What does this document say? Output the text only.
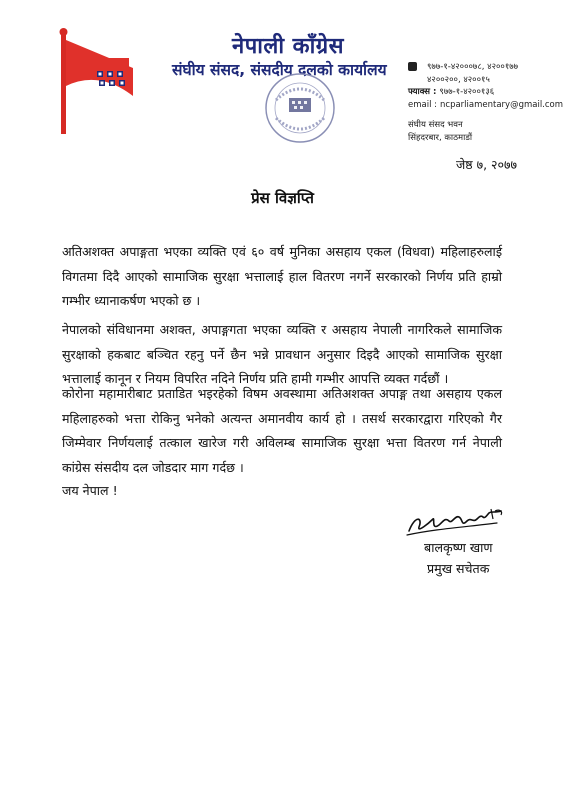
नेपाली काँग्रेस
संघीय संसद, संसदीय दलको कार्यालय	९७७-१-४२०००७८, ४२००१७७
४२००२००, ४२००१५
फ्याक्स : ९७७-१-४२००१३६
email : ncparliamentary@gmail.com
संघीय संसद भवन
सिंहदरबार, काठमाडौं
जेष्ठ ७, २०७७
प्रेस विज्ञप्ति
अतिअशक्त अपाङ्गता भएका व्यक्ति एवं ६० वर्ष मुनिका असहाय एकल (विधवा) महिलाहरुलाई विगतमा दिदै आएको सामाजिक सुरक्षा भत्तालाई हाल वितरण नगर्ने सरकारको निर्णय प्रति हाम्रो गम्भीर ध्यानाकर्षण भएको छ ।
नेपालको संविधानमा अशक्त, अपाङ्गगता भएका व्यक्ति र असहाय नेपाली नागरिकले सामाजिक सुरक्षाको हकबाट बञ्चित रहनु पर्ने छैन भन्ने प्रावधान अनुसार दिइदै आएको सामाजिक सुरक्षा भत्तालाई कानून र नियम विपरित नदिने निर्णय प्रति हामी गम्भीर आपत्ति व्यक्त गर्दछौं ।
कोरोना महामारीबाट प्रताडित भइरहेको विषम अवस्थामा अतिअशक्त अपाङ्ग तथा असहाय एकल महिलाहरुको भत्ता रोकिनु भनेको अत्यन्त अमानवीय कार्य हो । तसर्थ सरकारद्वारा गरिएको गैर जिम्मेवार निर्णयलाई तत्काल खारेज गरी अविलम्ब सामाजिक सुरक्षा भत्ता वितरण गर्न नेपाली कांग्रेस संसदीय दल जोडदार माग गर्दछ ।
जय नेपाल !
बालकृष्ण खाण
प्रमुख सचेतक
